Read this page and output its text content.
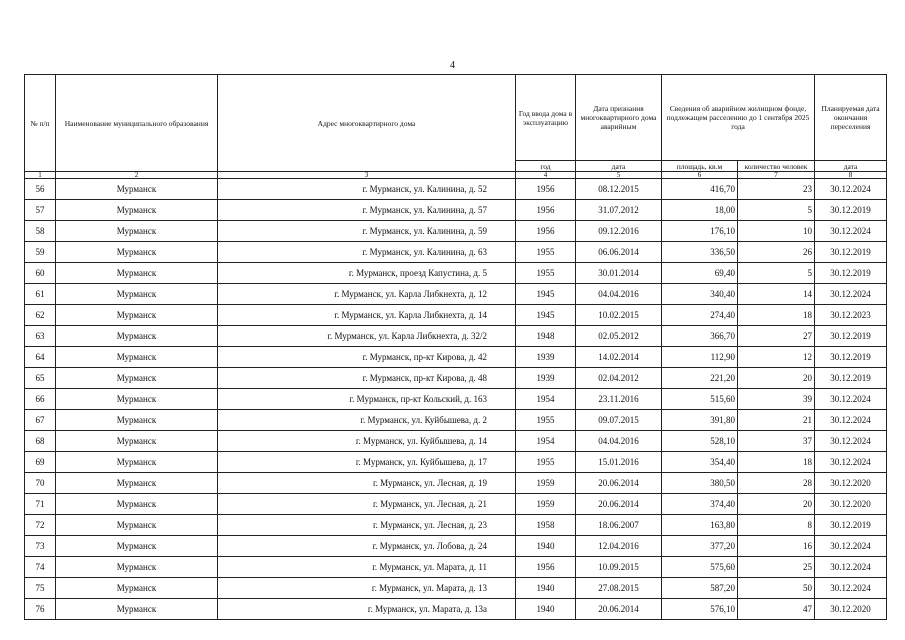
4
№ п/п	Наименование муниципального образования	Адрес многоквартирного дома	Год ввода дома в эксплуатацию	Дата признания многоквартирного дома аварийным	Сведения об аварийном жилищном фонде, подлежащем расселению до 1 сентября 2025 года		Планируемая дата окончания переселения
			год	дата	площадь, кв.м	количество человек	дата
1	2	3	4	5	6	7	8
56	Мурманск	г. Мурманск, ул. Калинина, д. 52	1956	08.12.2015	416,70	23	30.12.2024
57	Мурманск	г. Мурманск, ул. Калинина, д. 57	1956	31.07.2012	18,00	5	30.12.2019
58	Мурманск	г. Мурманск, ул. Калинина, д. 59	1956	09.12.2016	176,10	10	30.12.2024
59	Мурманск	г. Мурманск, ул. Калинина, д. 63	1955	06.06.2014	336,50	26	30.12.2019
60	Мурманск	г. Мурманск, проезд Капустина, д. 5	1955	30.01.2014	69,40	5	30.12.2019
61	Мурманск	г. Мурманск, ул. Карла Либкнехта, д. 12	1945	04.04.2016	340,40	14	30.12.2024
62	Мурманск	г. Мурманск, ул. Карла Либкнехта, д. 14	1945	10.02.2015	274,40	18	30.12.2023
63	Мурманск	г. Мурманск, ул. Карла Либкнехта, д. 32/2	1948	02.05.2012	366,70	27	30.12.2019
64	Мурманск	г. Мурманск, пр-кт Кирова, д. 42	1939	14.02.2014	112,90	12	30.12.2019
65	Мурманск	г. Мурманск, пр-кт Кирова, д. 48	1939	02.04.2012	221,20	20	30.12.2019
66	Мурманск	г. Мурманск, пр-кт Кольский, д. 163	1954	23.11.2016	515,60	39	30.12.2024
67	Мурманск	г. Мурманск, ул. Куйбышева, д. 2	1955	09.07.2015	391,80	21	30.12.2024
68	Мурманск	г. Мурманск, ул. Куйбышева, д. 14	1954	04.04.2016	528,10	37	30.12.2024
69	Мурманск	г. Мурманск, ул. Куйбышева, д. 17	1955	15.01.2016	354,40	18	30.12.2024
70	Мурманск	г. Мурманск, ул. Лесная, д. 19	1959	20.06.2014	380,50	28	30.12.2020
71	Мурманск	г. Мурманск, ул. Лесная, д. 21	1959	20.06.2014	374,40	20	30.12.2020
72	Мурманск	г. Мурманск, ул. Лесная, д. 23	1958	18.06.2007	163,80	8	30.12.2019
73	Мурманск	г. Мурманск, ул. Лобова, д. 24	1940	12.04.2016	377,20	16	30.12.2024
74	Мурманск	г. Мурманск, ул. Марата, д. 11	1956	10.09.2015	575,60	25	30.12.2024
75	Мурманск	г. Мурманск, ул. Марата, д. 13	1940	27.08.2015	587,20	50	30.12.2024
76	Мурманск	г. Мурманск, ул. Марата, д. 13а	1940	20.06.2014	576,10	47	30.12.2020
